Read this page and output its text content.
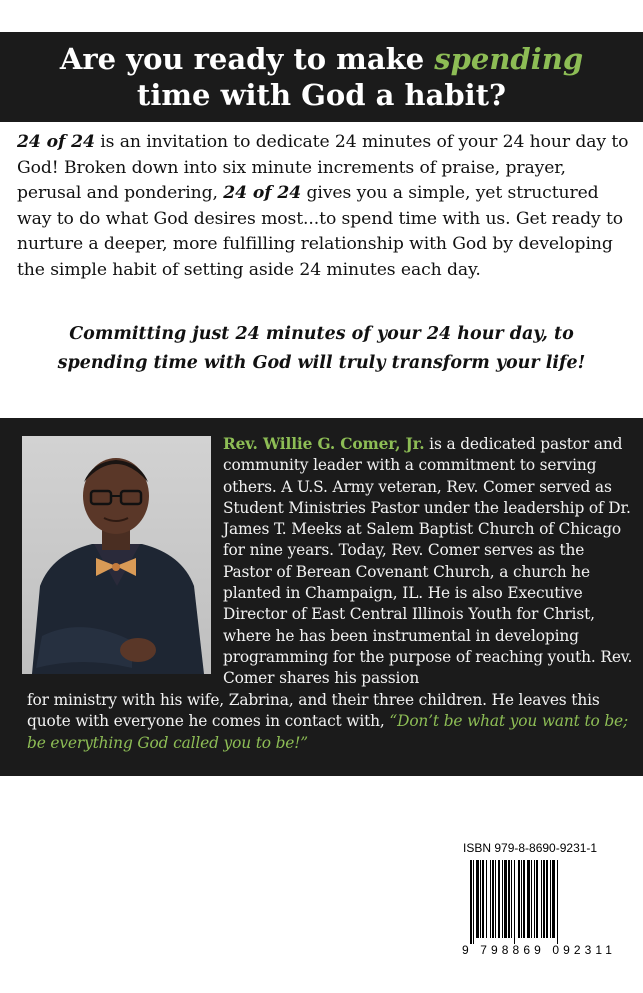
Are you ready to make spending
time with God a habit?
24 of 24 is an invitation to dedicate 24 minutes of your 24 hour day to God! Broken down into six minute increments of praise, prayer, perusal and pondering, 24 of 24 gives you a simple, yet structured way to do what God desires most...to spend time with us. Get ready to nurture a deeper, more fulfilling relationship with God by developing the simple habit of setting aside 24 minutes each day.
Committing just 24 minutes of your 24 hour day, to
spending time with God will truly transform your life!
Rev. Willie G. Comer, Jr. is a dedicated pastor and community leader with a commitment to serving others. A U.S. Army veteran, Rev. Comer served as Student Ministries Pastor under the leadership of Dr. James T. Meeks at Salem Baptist Church of Chicago for nine years. Today, Rev. Comer serves as the Pastor of Berean Covenant Church, a church he planted in Champaign, IL. He is also Executive Director of East Central Illinois Youth for Christ, where he has been instrumental in developing programming for the purpose of reaching youth. Rev. Comer shares his passion
for ministry with his wife, Zabrina, and their three children. He leaves this quote with everyone he comes in contact with, “Don’t be what you want to be; be everything God called you to be!”
ISBN 979-8-8690-9231-1
9 798869 092311
